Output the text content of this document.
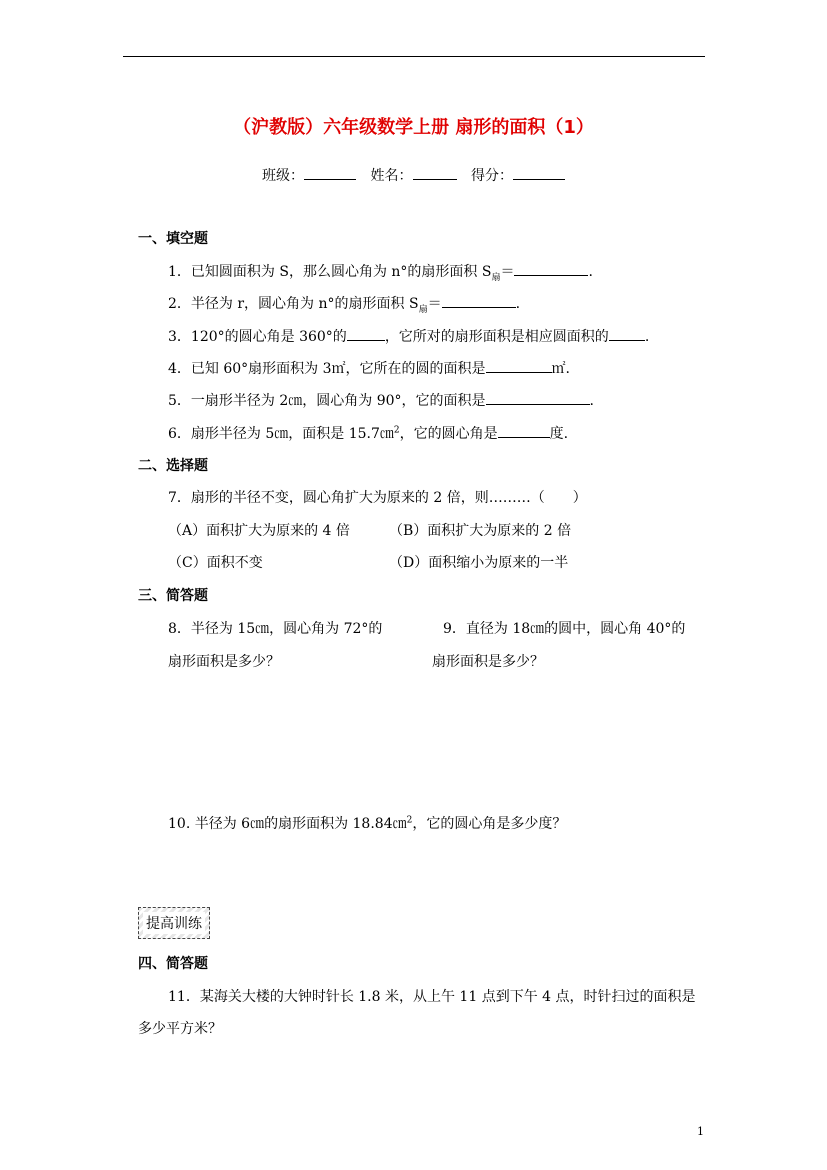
（沪教版）六年级数学上册 扇形的面积（1）
班级：	姓名：	得分：
一、填空题
1．已知圆面积为 S，那么圆心角为 n°的扇形面积 $S_扇=$	.
2．半径为 r，圆心角为 n°的扇形面积 $S_扇=$	.
3．120°的圆心角是 360°的	，它所对的扇形面积是相应圆面积的	.
4．已知 60°扇形面积为 3㎡，它所在的圆的面积是	㎡.
5．一扇形半径为 2㎝，圆心角为 90°，它的面积是	.
6．扇形半径为 5㎝，面积是 15.7㎝$^2$，它的圆心角是	度.
二、选择题
7．扇形的半径不变，圆心角扩大为原来的 2 倍，则………（　　）
（A）面积扩大为原来的 4 倍	（B）面积扩大为原来的 2 倍
（C）面积不变	（D）面积缩小为原来的一半
三、简答题
8．半径为 15㎝，圆心角为 72°的
扇形面积是多少？
9．直径为 18㎝的圆中，圆心角 40°的
扇形面积是多少？
10. 半径为 6㎝的扇形面积为 18.84㎝$^2$，它的圆心角是多少度？
提高训练
四、简答题
11．某海关大楼的大钟时针长 1.8 米，从上午 11 点到下午 4 点，时针扫过的面积是
多少平方米？
1
